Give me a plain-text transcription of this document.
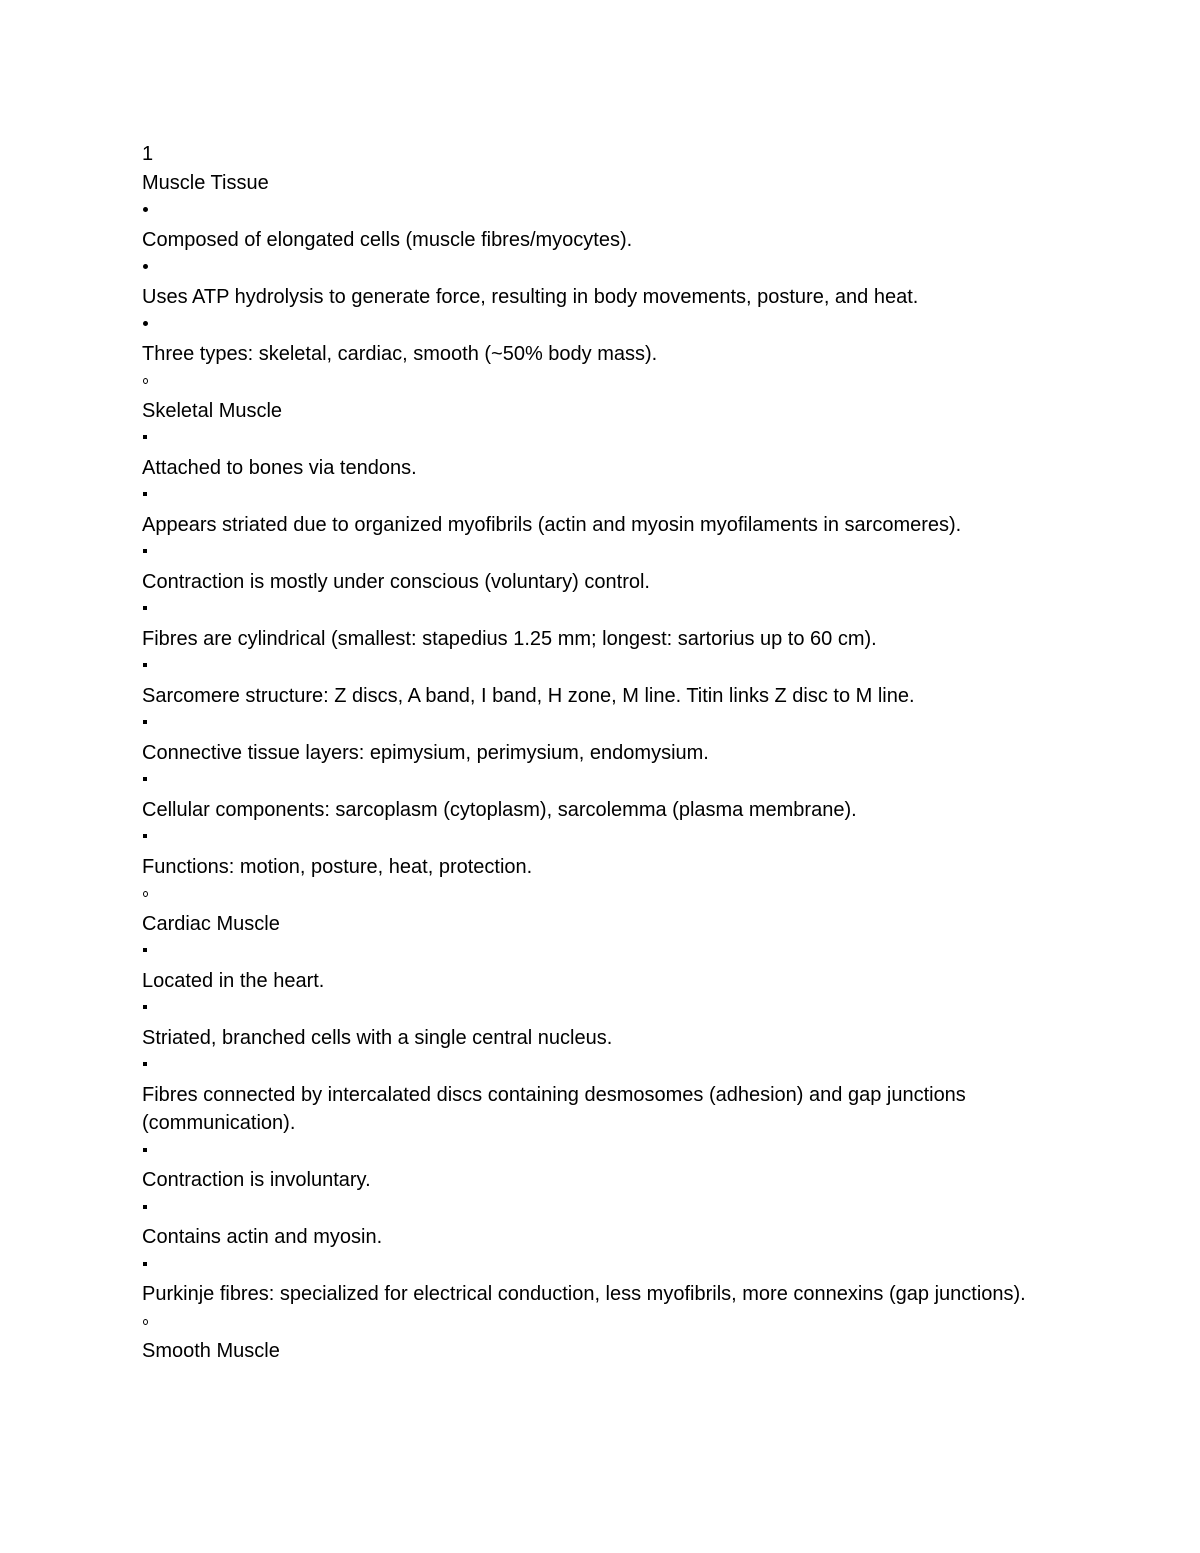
1
Muscle Tissue
Composed of elongated cells (muscle fibres/myocytes).
Uses ATP hydrolysis to generate force, resulting in body movements, posture, and heat.
Three types: skeletal, cardiac, smooth (~50% body mass).
Skeletal Muscle
Attached to bones via tendons.
Appears striated due to organized myofibrils (actin and myosin myofilaments in sarcomeres).
Contraction is mostly under conscious (voluntary) control.
Fibres are cylindrical (smallest: stapedius 1.25 mm; longest: sartorius up to 60 cm).
Sarcomere structure: Z discs, A band, I band, H zone, M line. Titin links Z disc to M line.
Connective tissue layers: epimysium, perimysium, endomysium.
Cellular components: sarcoplasm (cytoplasm), sarcolemma (plasma membrane).
Functions: motion, posture, heat, protection.
Cardiac Muscle
Located in the heart.
Striated, branched cells with a single central nucleus.
Fibres connected by intercalated discs containing desmosomes (adhesion) and gap junctions (communication).
Contraction is involuntary.
Contains actin and myosin.
Purkinje fibres: specialized for electrical conduction, less myofibrils, more connexins (gap junctions).
Smooth Muscle
